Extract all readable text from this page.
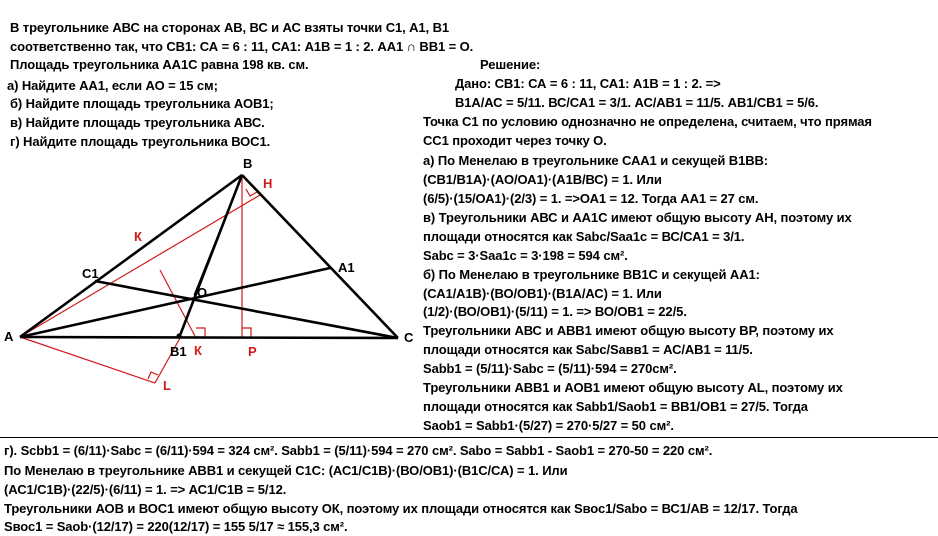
В треугольнике АВС на сторонах АВ, ВС и АС взяты точки С1, А1, В1
соответственно так, что СВ1: СА = 6 : 11, СА1: А1В = 1 : 2. АА1 ∩ ВВ1 = О.
Площадь треугольника АА1С равна 198 кв. см.
а) Найдите АА1, если АО = 15 см;
б) Найдите площадь треугольника АОВ1;
в) Найдите площадь треугольника АВС.
г) Найдите площадь треугольника ВОС1.
Решение:
Дано: СВ1: СА = 6 : 11, СА1: А1В = 1 : 2. =>
В1А/АС = 5/11. ВС/СА1 = 3/1. АС/АВ1 = 11/5. АВ1/СВ1 = 5/6.
Точка С1 по условию однозначно не определена, считаем, что прямая
СС1 проходит через точку О.
а) По Менелаю в треугольнике САА1 и секущей В1ВВ:
(СВ1/В1А)·(АО/ОА1)·(А1В/ВС) = 1. Или
(6/5)·(15/ОА1)·(2/3) = 1. =>ОА1 = 12. Тогда АА1 = 27 см.
в) Треугольники АВС и АА1С имеют общую высоту АН, поэтому их
площади относятся как Sabc/Saa1c = ВС/СА1 = 3/1.
Sabc = 3·Saa1c = 3·198 = 594 см².
б) По Менелаю в треугольнике ВВ1С и секущей АА1:
(СА1/А1В)·(ВО/ОВ1)·(В1А/АС) = 1. Или
(1/2)·(ВО/ОВ1)·(5/11) = 1. => ВО/ОВ1 = 22/5.
Треугольники АВС и АВВ1 имеют общую высоту ВР, поэтому их
площади относятся как Sabc/Saвв1 = АС/АВ1 = 11/5.
Sabb1 = (5/11)·Sabc = (5/11)·594 = 270см².
Треугольники АВВ1 и АОВ1 имеют общую высоту AL, поэтому их
площади относятся как Sabb1/Saob1 = ВВ1/ОВ1 = 27/5. Тогда
Saob1 = Sabb1·(5/27) = 270·5/27 = 50 см².
г). Scbb1 = (6/11)·Sabc = (6/11)·594 = 324 см². Sabb1 = (5/11)·594 = 270 см². Sabo = Sabb1 - Saob1 = 270-50 = 220 см².
По Менелаю в треугольнике АВВ1 и секущей С1С: (АС1/С1В)·(ВО/ОВ1)·(В1С/СА) = 1. Или
(АС1/С1В)·(22/5)·(6/11) = 1. => АС1/С1В = 5/12.
Треугольники АОВ и ВОС1 имеют общую высоту ОК, поэтому их площади относятся как Sвос1/Sabo = ВС1/АВ = 12/17. Тогда
Sвос1 = Saob·(12/17) = 220(12/17) = 155 5/17 ≈ 155,3 см².
А
В
С
А1
В1
С1
О
Н
К
К	Р
L
